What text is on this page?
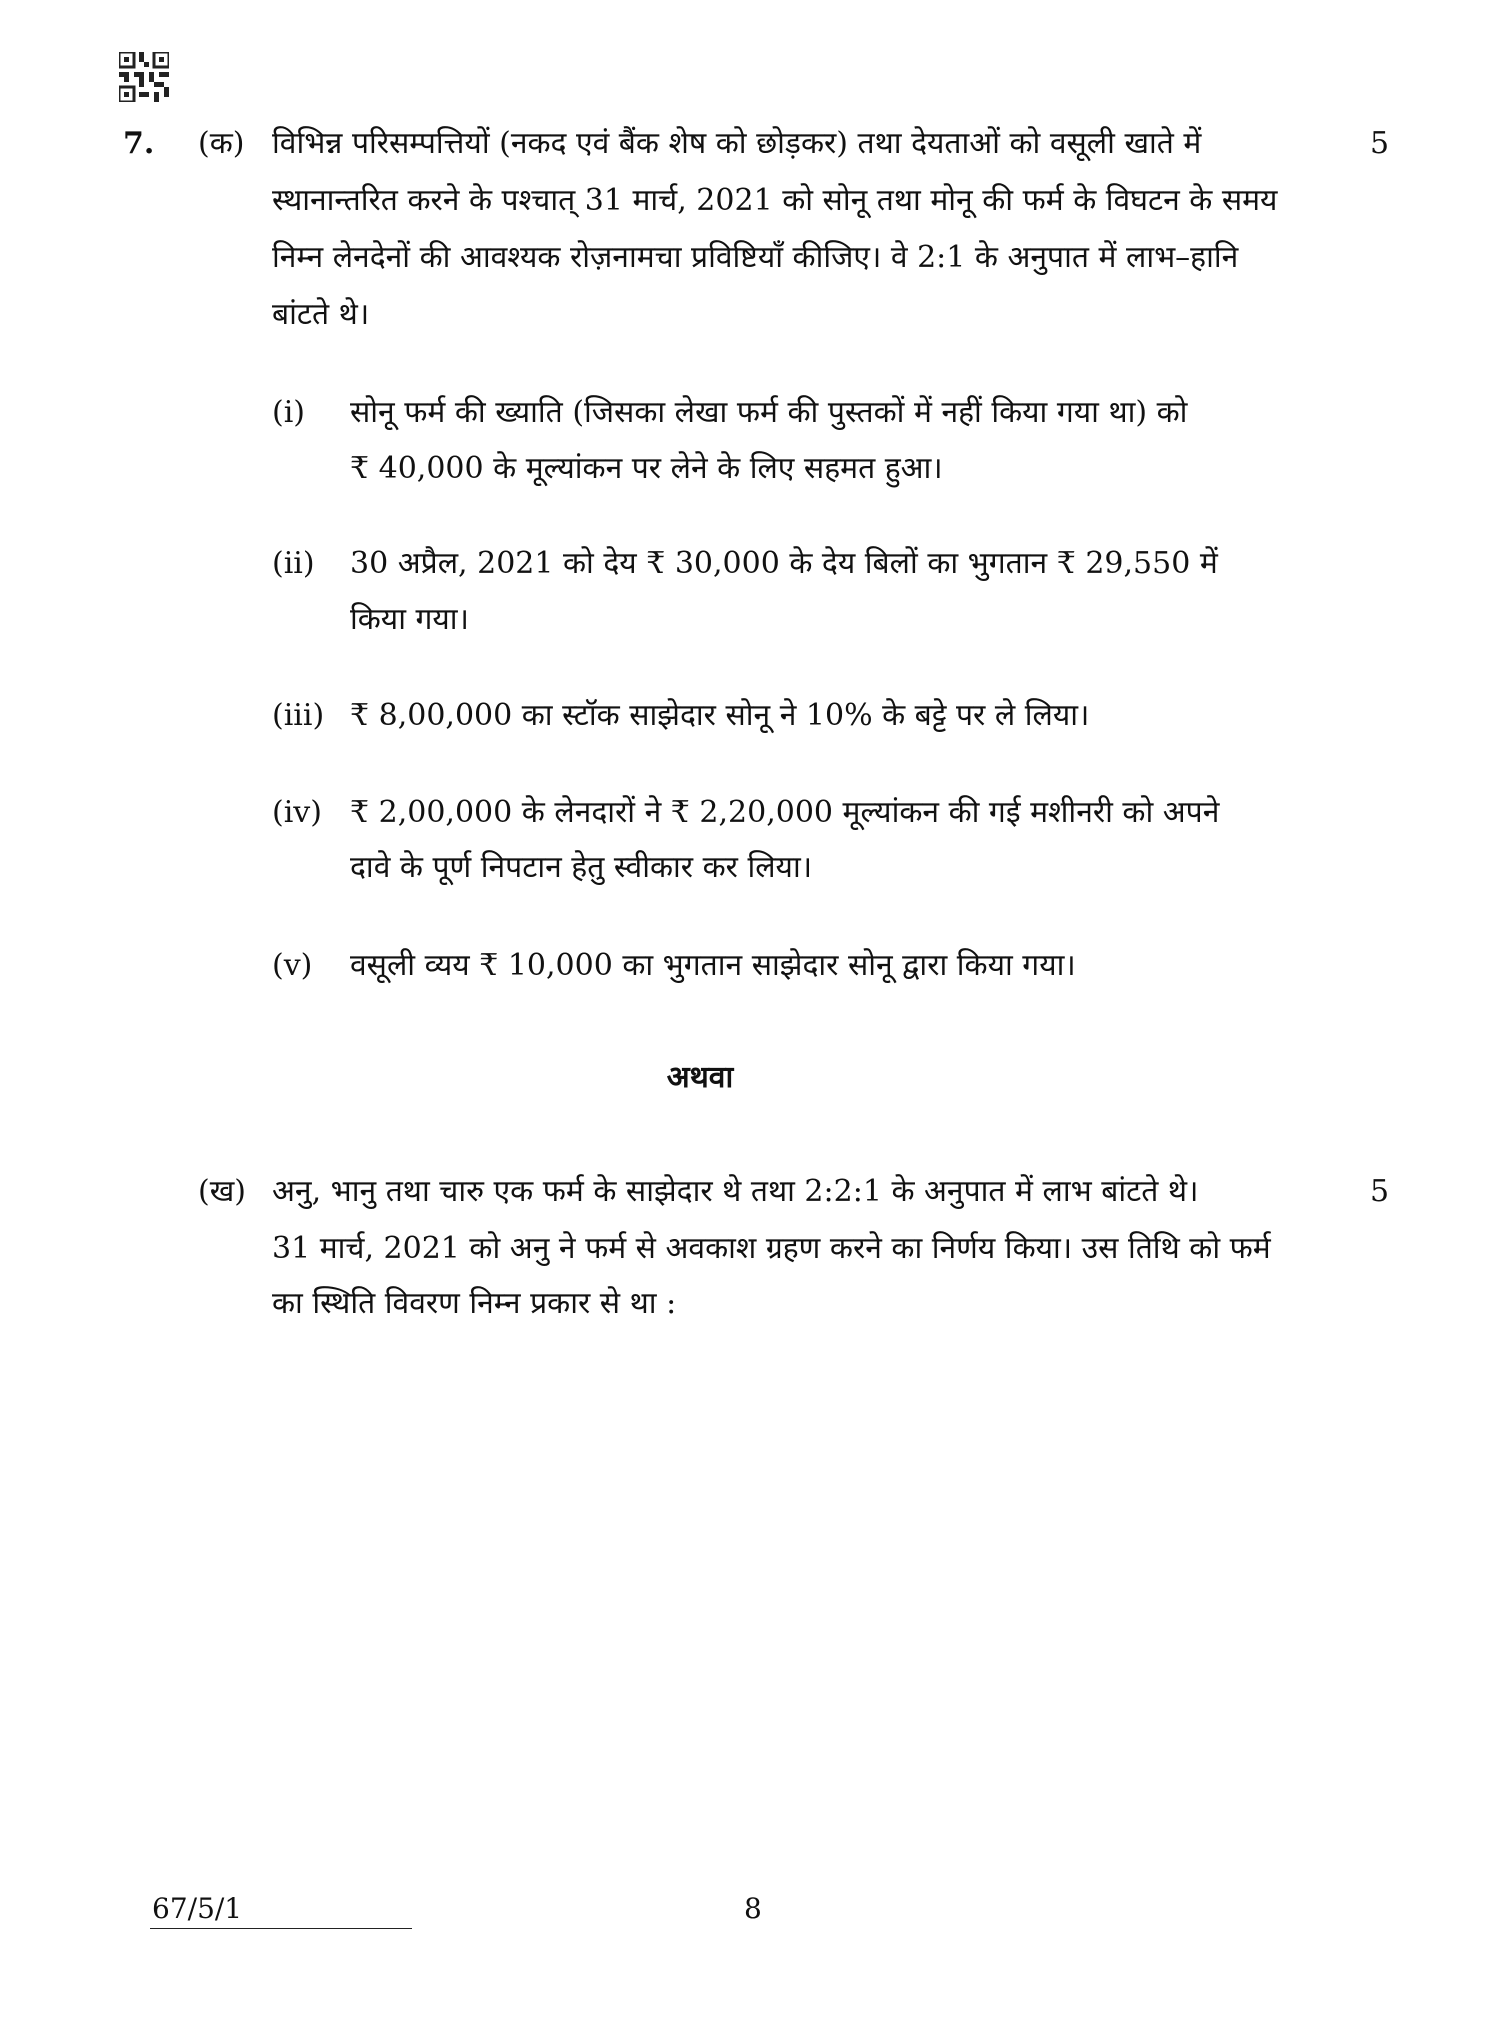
7. (क)	5
विभिन्न परिसम्पत्तियों (नकद एवं बैंक शेष को छोड़कर) तथा देयताओं को वसूली खाते में
स्थानान्तरित करने के पश्चात् 31 मार्च, 2021 को सोनू तथा मोनू की फर्म के विघटन के समय
निम्न लेनदेनों की आवश्यक रोज़नामचा प्रविष्टियाँ कीजिए। वे 2:1 के अनुपात में लाभ–हानि
बांटते थे।
(i) सोनू फर्म की ख्याति (जिसका लेखा फर्म की पुस्तकों में नहीं किया गया था) को
₹ 40,000 के मूल्यांकन पर लेने के लिए सहमत हुआ।
(ii) 30 अप्रैल, 2021 को देय ₹ 30,000 के देय बिलों का भुगतान ₹ 29,550 में
किया गया।
(iii) ₹ 8,00,000 का स्टॉक साझेदार सोनू ने 10% के बट्टे पर ले लिया।
(iv) ₹ 2,00,000 के लेनदारों ने ₹ 2,20,000 मूल्यांकन की गई मशीनरी को अपने
दावे के पूर्ण निपटान हेतु स्वीकार कर लिया।
(v) वसूली व्यय ₹ 10,000 का भुगतान साझेदार सोनू द्वारा किया गया।
अथवा
(ख)	5
अनु, भानु तथा चारु एक फर्म के साझेदार थे तथा 2:2:1 के अनुपात में लाभ बांटते थे।
31 मार्च, 2021 को अनु ने फर्म से अवकाश ग्रहण करने का निर्णय किया। उस तिथि को फर्म
का स्थिति विवरण निम्न प्रकार से था :
67/5/1	8
